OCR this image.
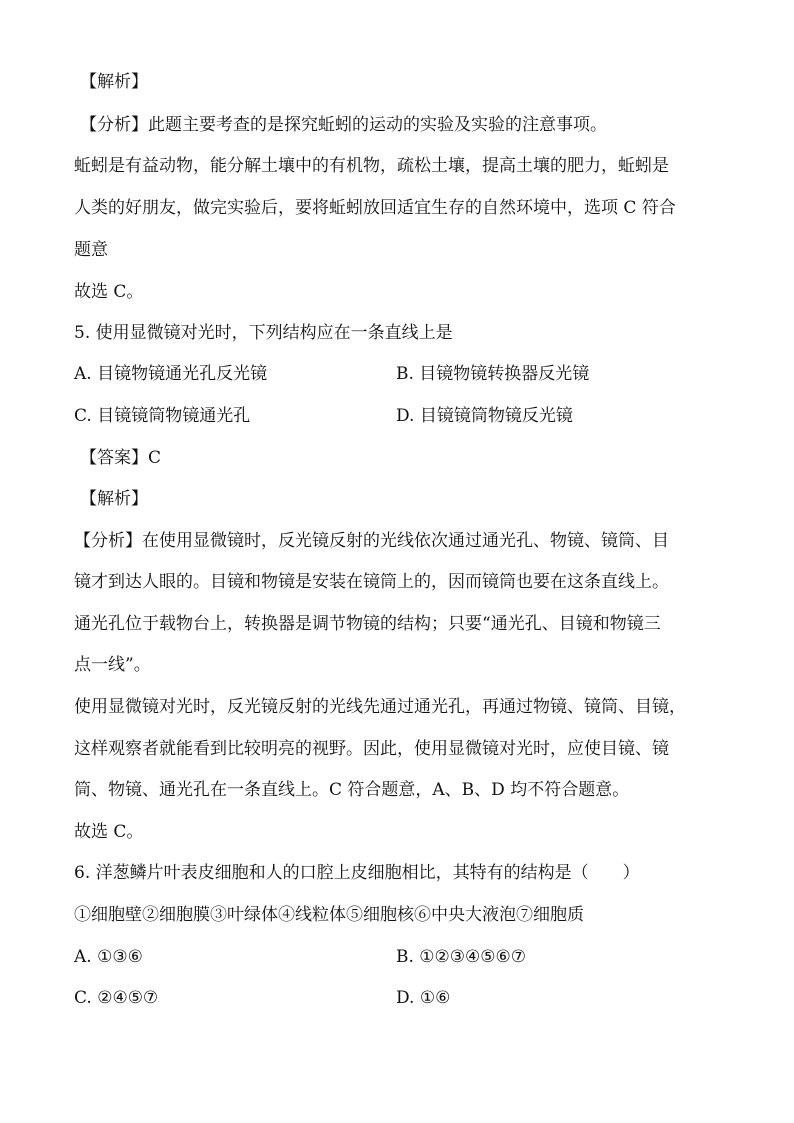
【解析】
【分析】此题主要考查的是探究蚯蚓的运动的实验及实验的注意事项。
蚯蚓是有益动物，能分解土壤中的有机物，疏松土壤，提高土壤的肥力，蚯蚓是
人类的好朋友，做完实验后，要将蚯蚓放回适宜生存的自然环境中，选项 C 符合
题意
故选 C。
5. 使用显微镜对光时，下列结构应在一条直线上是
A. 目镜物镜通光孔反光镜	B. 目镜物镜转换器反光镜
C. 目镜镜筒物镜通光孔	D. 目镜镜筒物镜反光镜
【答案】C
【解析】
【分析】在使用显微镜时，反光镜反射的光线依次通过通光孔、物镜、镜筒、目
镜才到达人眼的。目镜和物镜是安装在镜筒上的，因而镜筒也要在这条直线上。
通光孔位于载物台上，转换器是调节物镜的结构；只要“通光孔、目镜和物镜三
点一线”。
使用显微镜对光时，反光镜反射的光线先通过通光孔，再通过物镜、镜筒、目镜，
这样观察者就能看到比较明亮的视野。因此，使用显微镜对光时，应使目镜、镜
筒、物镜、通光孔在一条直线上。C 符合题意，A、B、D 均不符合题意。
故选 C。
6. 洋葱鳞片叶表皮细胞和人的口腔上皮细胞相比，其特有的结构是（　　）
①细胞壁②细胞膜③叶绿体④线粒体⑤细胞核⑥中央大液泡⑦细胞质
A. ①③⑥	B. ①②③④⑤⑥⑦
C. ②④⑤⑦	D. ①⑥
